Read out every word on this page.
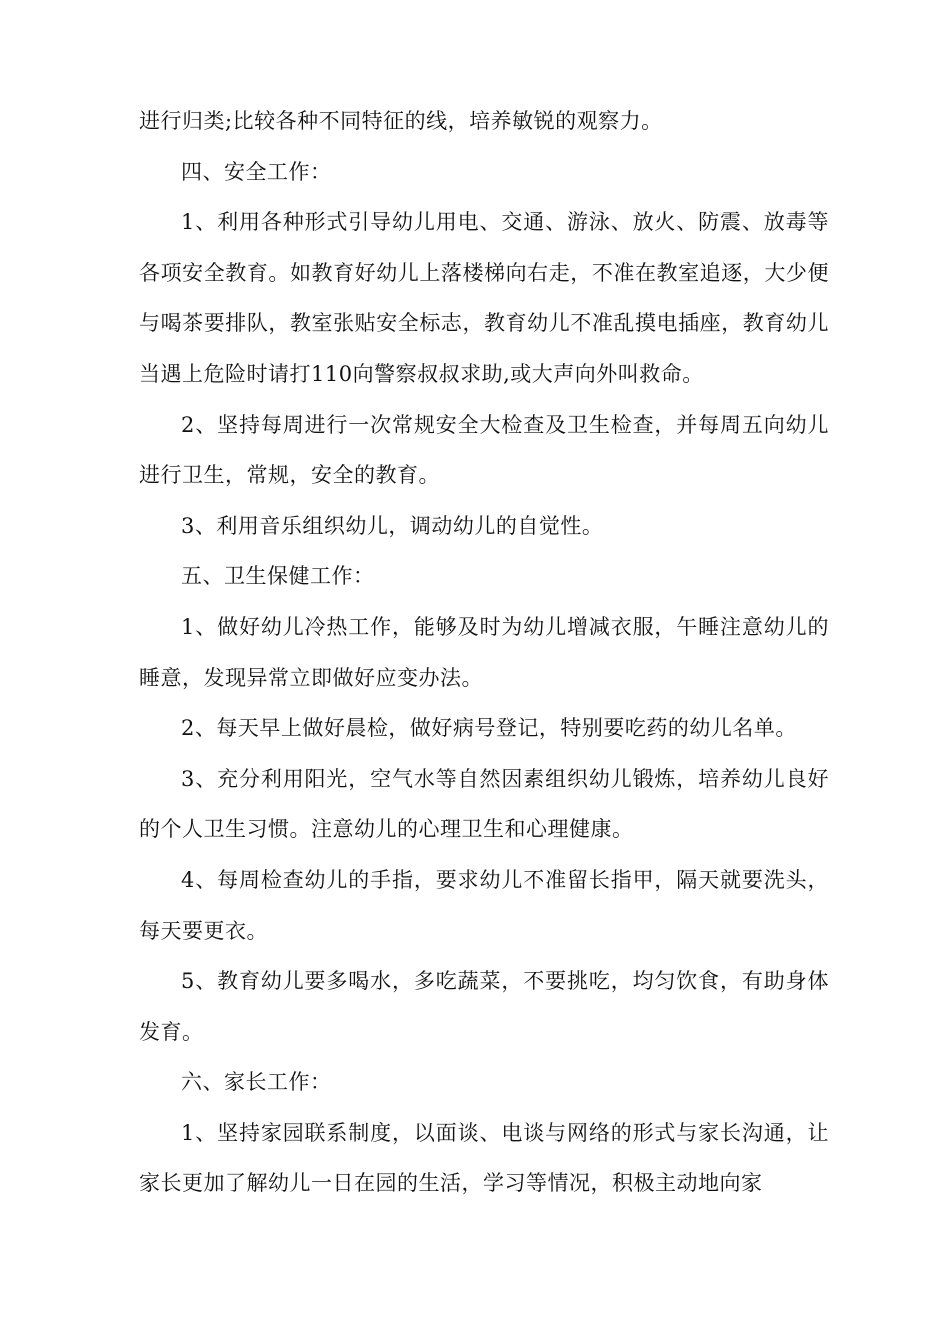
进行归类;比较各种不同特征的线，培养敏锐的观察力。

四、安全工作：

1、利用各种形式引导幼儿用电、交通、游泳、放火、防震、放毒等各项安全教育。如教育好幼儿上落楼梯向右走，不准在教室追逐，大少便与喝茶要排队，教室张贴安全标志，教育幼儿不准乱摸电插座，教育幼儿当遇上危险时请打110向警察叔叔求助,或大声向外叫救命。

2、坚持每周进行一次常规安全大检查及卫生检查，并每周五向幼儿进行卫生，常规，安全的教育。

3、利用音乐组织幼儿，调动幼儿的自觉性。

五、卫生保健工作：

1、做好幼儿冷热工作，能够及时为幼儿增减衣服，午睡注意幼儿的睡意，发现异常立即做好应变办法。

2、每天早上做好晨检，做好病号登记，特别要吃药的幼儿名单。

3、充分利用阳光，空气水等自然因素组织幼儿锻炼，培养幼儿良好的个人卫生习惯。注意幼儿的心理卫生和心理健康。

4、每周检查幼儿的手指，要求幼儿不准留长指甲，隔天就要洗头，每天要更衣。

5、教育幼儿要多喝水，多吃蔬菜，不要挑吃，均匀饮食，有助身体发育。

六、家长工作：

1、坚持家园联系制度，以面谈、电谈与网络的形式与家长沟通，让家长更加了解幼儿一日在园的生活，学习等情况，积极主动地向家
